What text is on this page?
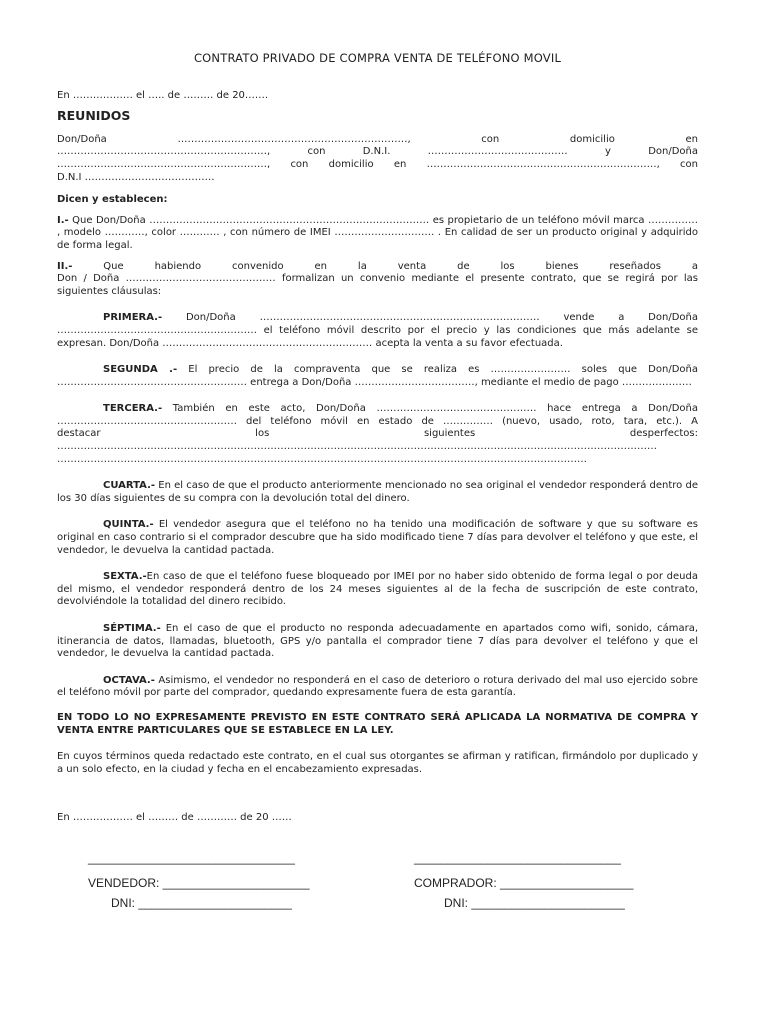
CONTRATO PRIVADO DE COMPRA VENTA DE TELÉFONO MOVIL

En ……………… el ….. de ……… de 20…….

REUNIDOS
Don/Doña ……………………………………………………………, con domicilio en
………………………………………………………, con D.N.I. …………………………………… y Don/Doña
………………………………………………………, con domicilio en ……………………………………………………………, con
D.N.I …………………………………

Dicen y establecen:

I.- Que Don/Doña ………………………………………………………………………… es propietario de un teléfono móvil marca …………… , modelo …………, color ………… , con número de IMEI ………………………… . En calidad de ser un producto original y adquirido de forma legal.

II.- Que habiendo convenido en la venta de los bienes reseñados a
Don / Doña ……………………………………… formalizan un convenio mediante el presente contrato, que se regirá por las siguientes cláusulas:

PRIMERA.- Don/Doña ………………………………………………………………………… vende a Don/Doña …………………………………………………… el teléfono móvil descrito por el precio y las condiciones que más adelante se expresan. Don/Doña ……………………………………………………… acepta la venta a su favor efectuada.

SEGUNDA .- El precio de la compraventa que se realiza es …………………… soles que Don/Doña ………………………………………………… entrega a Don/Doña ………………………………, mediante el medio de pago …………………

TERCERA.- También en este acto, Don/Doña ………………………………………… hace entrega a Don/Doña
……………………………………………… del teléfono móvil en estado de …………… (nuevo, usado, roto, tara, etc.). A
destacar los siguientes desperfectos:
………………………………………………………………………………………………………………………………………………………………
……………………………………………………………………………………………………………………………………………

CUARTA.- En el caso de que el producto anteriormente mencionado no sea original el vendedor responderá dentro de los 30 días siguientes de su compra con la devolución total del dinero.

QUINTA.- El vendedor asegura que el teléfono no ha tenido una modificación de software y que su software es original en caso contrario si el comprador descubre que ha sido modificado tiene 7 días para devolver el teléfono y que este, el vendedor, le devuelva la cantidad pactada.

SEXTA.-En caso de que el teléfono fuese bloqueado por IMEI por no haber sido obtenido de forma legal o por deuda del mismo, el vendedor responderá dentro de los 24 meses siguientes al de la fecha de suscripción de este contrato, devolviéndole la totalidad del dinero recibido.

SÉPTIMA.- En el caso de que el producto no responda adecuadamente en apartados como wifi, sonido, cámara, itinerancia de datos, llamadas, bluetooth, GPS y/o pantalla el comprador tiene 7 días para devolver el teléfono y que el vendedor, le devuelva la cantidad pactada.

OCTAVA.- Asimismo, el vendedor no responderá en el caso de deterioro o rotura derivado del mal uso ejercido sobre el teléfono móvil por parte del comprador, quedando expresamente fuera de esta garantía.

EN TODO LO NO EXPRESAMENTE PREVISTO EN ESTE CONTRATO SERÁ APLICADA LA NORMATIVA DE COMPRA Y VENTA ENTRE PARTICULARES QUE SE ESTABLECE EN LA LEY.

En cuyos términos queda redactado este contrato, en el cual sus otorgantes se afirman y ratifican, firmándolo por duplicado y a un solo efecto, en la ciudad y fecha en el encabezamiento expresadas.

En ……………… el ……… de ………… de 20 ……

_______________________________
VENDEDOR: ______________________
DNI: _______________________
_______________________________
COMPRADOR: ____________________
DNI: _______________________
